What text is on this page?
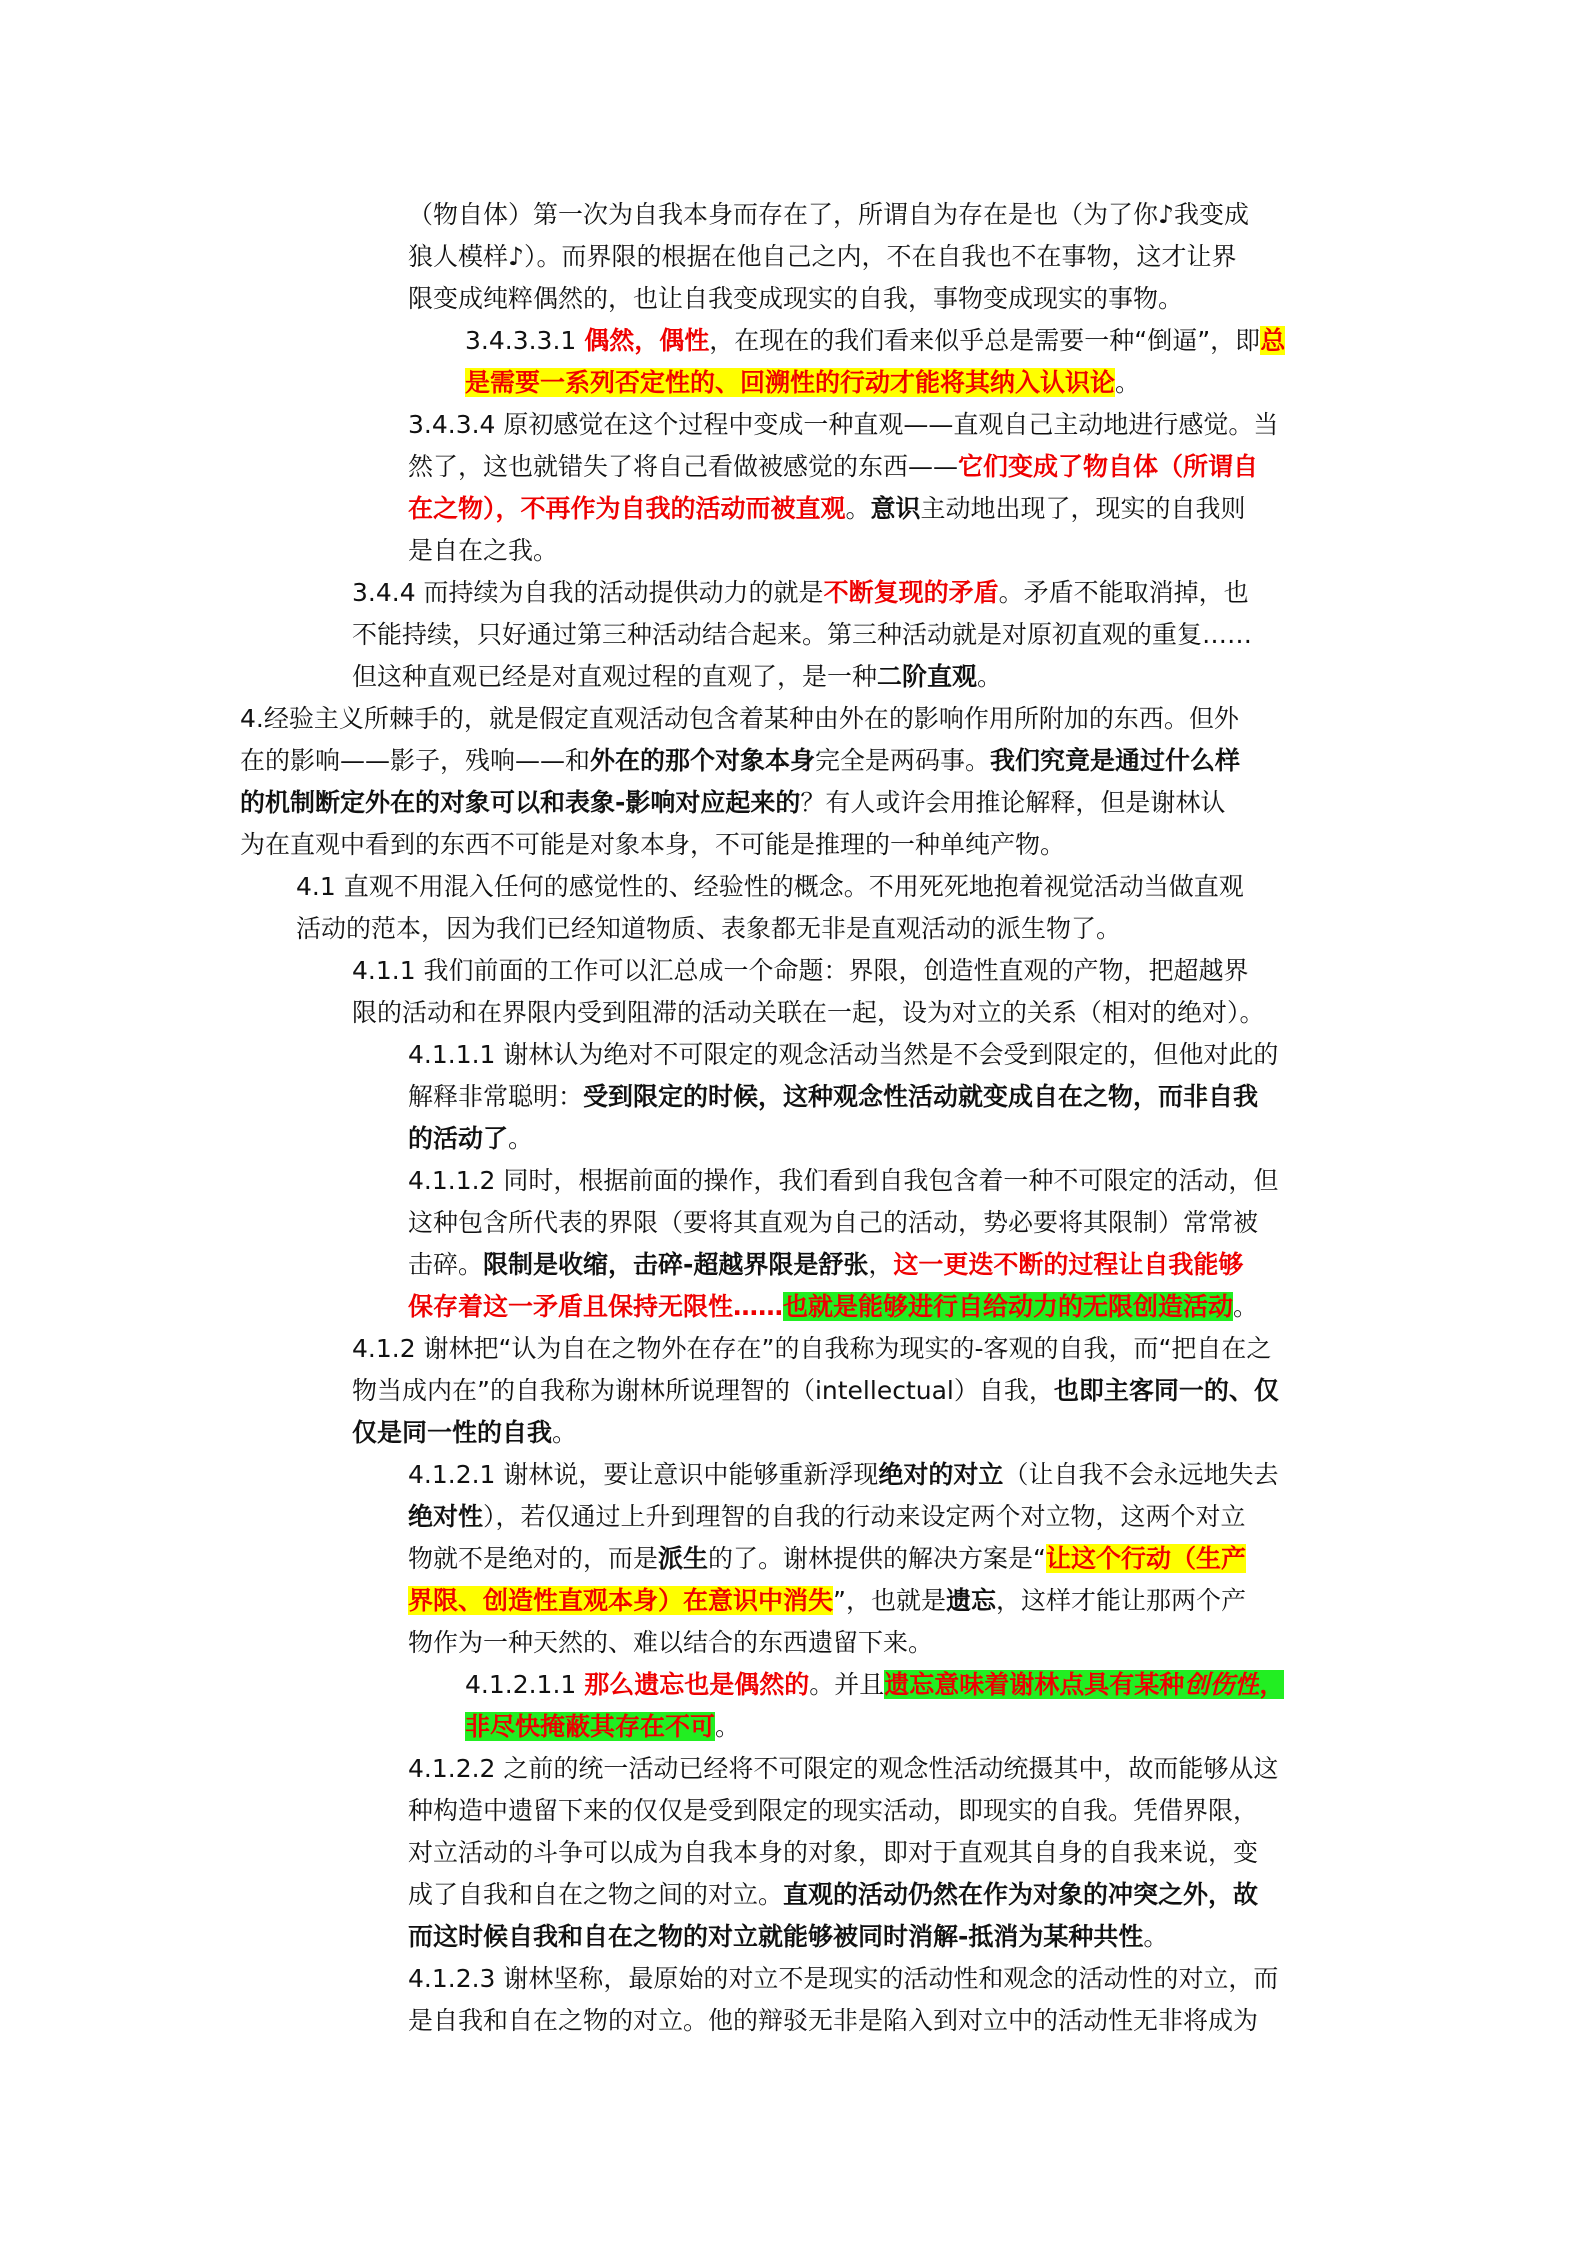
（物自体）第一次为自我本身而存在了，所谓自为存在是也（为了你♪我变成
狼人模样♪）。而界限的根据在他自己之内，不在自我也不在事物，这才让界
限变成纯粹偶然的，也让自我变成现实的自我，事物变成现实的事物。
3.4.3.3.1 偶然，偶性，在现在的我们看来似乎总是需要一种“倒逼”，即总
是需要一系列否定性的、回溯性的行动才能将其纳入认识论。
3.4.3.4 原初感觉在这个过程中变成一种直观——直观自己主动地进行感觉。当
然了，这也就错失了将自己看做被感觉的东西——它们变成了物自体（所谓自
在之物），不再作为自我的活动而被直观。意识主动地出现了，现实的自我则
是自在之我。
3.4.4 而持续为自我的活动提供动力的就是不断复现的矛盾。矛盾不能取消掉，也
不能持续，只好通过第三种活动结合起来。第三种活动就是对原初直观的重复……
但这种直观已经是对直观过程的直观了，是一种二阶直观。
4.经验主义所棘手的，就是假定直观活动包含着某种由外在的影响作用所附加的东西。但外
在的影响——影子，残响——和外在的那个对象本身完全是两码事。我们究竟是通过什么样
的机制断定外在的对象可以和表象-影响对应起来的？有人或许会用推论解释，但是谢林认
为在直观中看到的东西不可能是对象本身，不可能是推理的一种单纯产物。
4.1 直观不用混入任何的感觉性的、经验性的概念。不用死死地抱着视觉活动当做直观
活动的范本，因为我们已经知道物质、表象都无非是直观活动的派生物了。
4.1.1 我们前面的工作可以汇总成一个命题：界限，创造性直观的产物，把超越界
限的活动和在界限内受到阻滞的活动关联在一起，设为对立的关系（相对的绝对）。
4.1.1.1 谢林认为绝对不可限定的观念活动当然是不会受到限定的，但他对此的
解释非常聪明：受到限定的时候，这种观念性活动就变成自在之物，而非自我
的活动了。
4.1.1.2 同时，根据前面的操作，我们看到自我包含着一种不可限定的活动，但
这种包含所代表的界限（要将其直观为自己的活动，势必要将其限制）常常被
击碎。限制是收缩，击碎-超越界限是舒张，这一更迭不断的过程让自我能够
保存着这一矛盾且保持无限性……也就是能够进行自给动力的无限创造活动。
4.1.2 谢林把“认为自在之物外在存在”的自我称为现实的-客观的自我，而“把自在之
物当成内在”的自我称为谢林所说理智的（intellectual）自我，也即主客同一的、仅
仅是同一性的自我。
4.1.2.1 谢林说，要让意识中能够重新浮现绝对的对立（让自我不会永远地失去
绝对性），若仅通过上升到理智的自我的行动来设定两个对立物，这两个对立
物就不是绝对的，而是派生的了。谢林提供的解决方案是“让这个行动（生产
界限、创造性直观本身）在意识中消失”，也就是遗忘，这样才能让那两个产
物作为一种天然的、难以结合的东西遗留下来。
4.1.2.1.1 那么遗忘也是偶然的。并且遗忘意味着谢林点具有某种创伤性，
非尽快掩蔽其存在不可。
4.1.2.2 之前的统一活动已经将不可限定的观念性活动统摄其中，故而能够从这
种构造中遗留下来的仅仅是受到限定的现实活动，即现实的自我。凭借界限，
对立活动的斗争可以成为自我本身的对象，即对于直观其自身的自我来说，变
成了自我和自在之物之间的对立。直观的活动仍然在作为对象的冲突之外，故
而这时候自我和自在之物的对立就能够被同时消解-抵消为某种共性。
4.1.2.3 谢林坚称，最原始的对立不是现实的活动性和观念的活动性的对立，而
是自我和自在之物的对立。他的辩驳无非是陷入到对立中的活动性无非将成为
